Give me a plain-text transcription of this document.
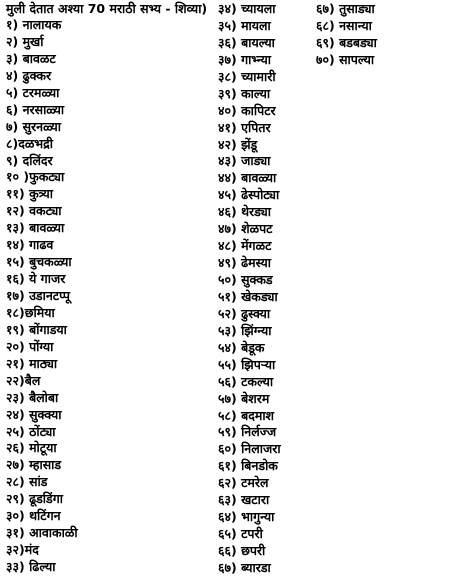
मुली देतात अश्या 70 मराठी सभ्य - शिव्या)
१) नालायक
२) मुर्खा
३) बावळट
४) ढुक्कर
५) टरमळ्या
६) नरसाळ्या
७) सुरनळ्या
८)दळभद्री
९) दलिंदर
१० )फुकट्या
११) कुत्र्या
१२) वकट्या
१३) बावळ्या
१४) गाढव
१५) बुचकळ्या
१६) ये गाजर
१७) उडानटप्पू
१८)छमिया
१९) बोंगाडया
२०) पोंग्या
२१) माठ्या
२२)बैल
२३) बैलोबा
२४) सुक्क्या
२५) ठोंट्या
२६) मोटूया
२७) म्हासाड
२८) सांड
२९) ढूडडिंगा
३०) थटिंगन
३१) आवाकाळी
३२)मंद
३३) ढिल्या
३४) च्यायला
३५) मायला
३६) बायल्या
३७) गाभ्न्या
३८) च्यामारी
३९) काल्या
४०) कापिटर
४१) एपितर
४२) झेंडू
४३) जाड्या
४४) बावळ्या
४५) ढेस्पोट्या
४६) थेरड्या
४७) शेळपट
४८) मेंगळट
४९) ढेमस्या
५०) सुक्कड
५१) खेकड्या
५२) ढुस्क्या
५३) झिंग्न्या
५४) बेडूक
५५) झिपऱ्या
५६) टकल्या
५७) बेशरम
५८) बदमाश
५९) निर्लज्ज
६०) निलाजरा
६१) बिनडोक
६२) टमरेल
६३) खटारा
६४) भागुन्या
६५) टपरी
६६) छपरी
६७) ब्यारडा
६७) तुसाड्या
६८) नसान्या
६९) बडबड्या
७०) सापल्या
